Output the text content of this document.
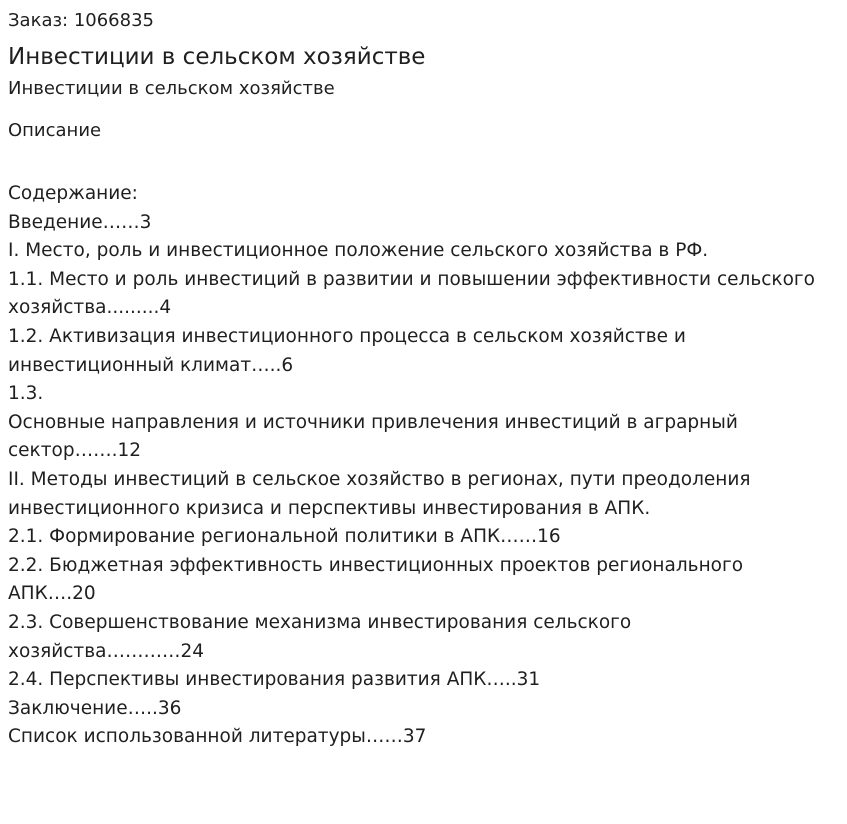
Заказ: 1066835

Инвестиции в сельском хозяйстве

Инвестиции в сельском хозяйстве

Описание

Содержание:
Введение……3
I. Место, роль и инвестиционное положение сельского хозяйства в РФ.
1.1. Место и роль инвестиций в развитии и повышении эффективности сельского
хозяйства.........4
1.2. Активизация инвестиционного процесса в сельском хозяйстве и
инвестиционный климат…..6
1.3.
Основные направления и источники привлечения инвестиций в аграрный
сектор…….12
II. Методы инвестиций в сельское хозяйство в регионах, пути преодоления
инвестиционного кризиса и перспективы инвестирования в АПК.
2.1. Формирование региональной политики в АПК……16
2.2. Бюджетная эффективность инвестиционных проектов регионального
АПК….20
2.3. Совершенствование механизма инвестирования сельского
хозяйства…………24
2.4. Перспективы инвестирования развития АПК…..31
Заключение…..36
Список использованной литературы……37
